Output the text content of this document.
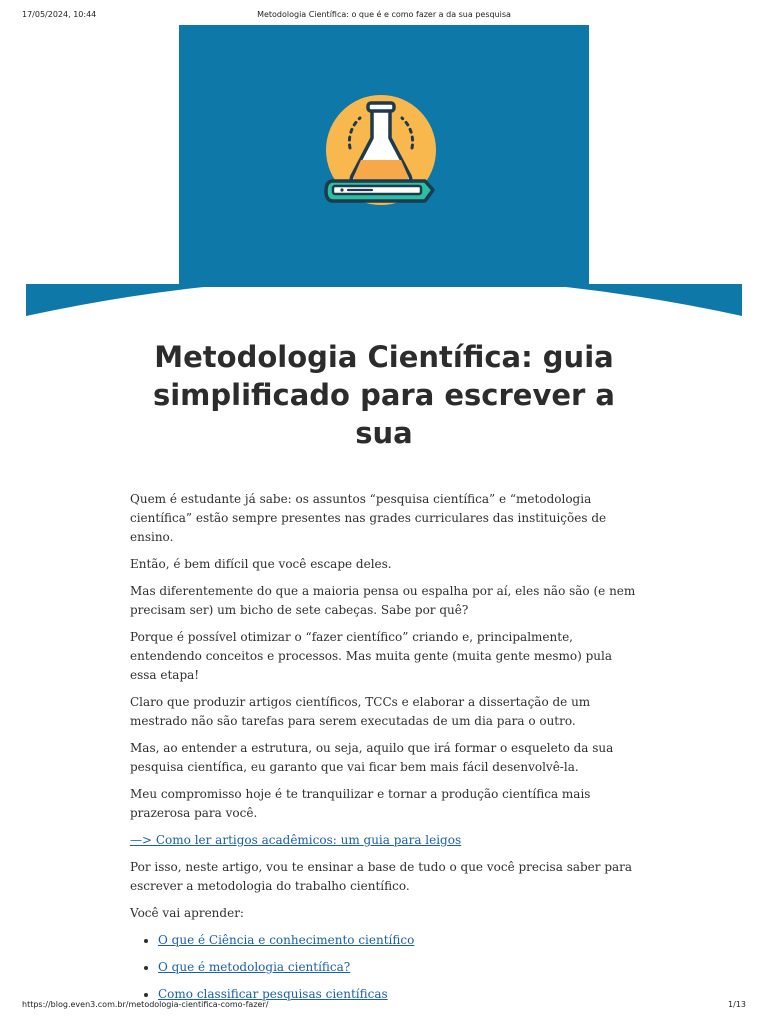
17/05/2024, 10:44	Metodologia Científica: o que é e como fazer a da sua pesquisa
Metodologia Científica: guia simplificado para escrever a sua

Quem é estudante já sabe: os assuntos “pesquisa científica” e “metodologia científica” estão sempre presentes nas grades curriculares das instituições de ensino.

Então, é bem difícil que você escape deles.

Mas diferentemente do que a maioria pensa ou espalha por aí, eles não são (e nem precisam ser) um bicho de sete cabeças. Sabe por quê?

Porque é possível otimizar o “fazer científico” criando e, principalmente, entendendo conceitos e processos. Mas muita gente (muita gente mesmo) pula essa etapa!

Claro que produzir artigos científicos, TCCs e elaborar a dissertação de um mestrado não são tarefas para serem executadas de um dia para o outro.

Mas, ao entender a estrutura, ou seja, aquilo que irá formar o esqueleto da sua pesquisa científica, eu garanto que vai ficar bem mais fácil desenvolvê-la.

Meu compromisso hoje é te tranquilizar e tornar a produção científica mais prazerosa para você.

—> Como ler artigos acadêmicos: um guia para leigos

Por isso, neste artigo, vou te ensinar a base de tudo o que você precisa saber para escrever a metodologia do trabalho científico.

Você vai aprender:

• O que é Ciência e conhecimento científico
• O que é metodologia científica?
• Como classificar pesquisas científicas
https://blog.even3.com.br/metodologia-cientifica-como-fazer/	1/13
